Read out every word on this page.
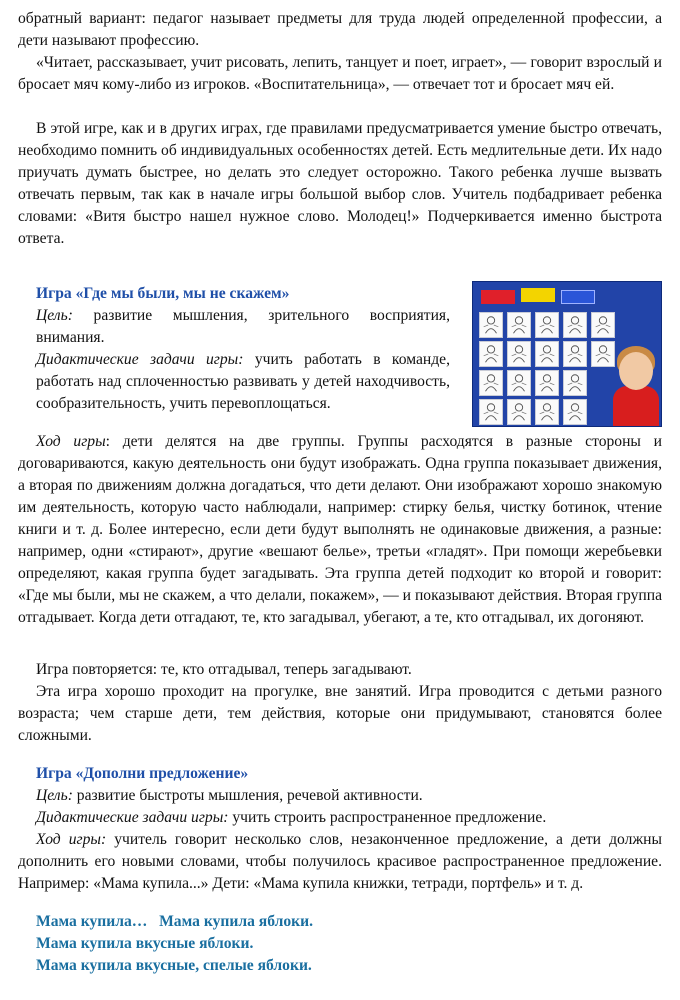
обратный вариант: педагог называет предметы для труда людей определенной профессии, а дети называют профессию.

«Читает, рассказывает, учит рисовать, лепить, танцует и поет, играет», — говорит взрослый и бросает мяч кому-либо из игроков. «Воспитательница», — отвечает тот и бросает мяч ей.

В этой игре, как и в других играх, где правилами предусматривается умение быстро отвечать, необходимо помнить об индивидуальных особенностях детей. Есть медлительные дети. Их надо приучать думать быстрее, но делать это следует осторожно. Такого ребенка лучше вызвать отвечать первым, так как в начале игры большой выбор слов. Учитель подбадривает ребенка словами: «Витя быстро нашел нужное слово. Молодец!» Подчеркивается именно быстрота ответа.

Игра «Где мы были, мы не скажем»

Цель: развитие мышления, зрительного восприятия, внимания.

Дидактические задачи игры: учить работать в команде, работать над сплоченностью развивать у детей находчивость, сообразительность, учить перевоплощаться.

Ход игры: дети делятся на две группы. Группы расходятся в разные стороны и договариваются, какую деятельность они будут изображать. Одна группа показывает движения, а вторая по движениям должна догадаться, что дети делают. Они изображают хорошо знакомую им деятельность, которую часто наблюдали, например: стирку белья, чистку ботинок, чтение книги и т. д. Более интересно, если дети будут выполнять не одинаковые движения, а разные: например, одни «стирают», другие «вешают белье», третьи «гладят». При помощи жеребьевки определяют, какая группа будет загадывать. Эта группа детей подходит ко второй и говорит: «Где мы были, мы не скажем, а что делали, покажем», — и показывают действия. Вторая группа отгадывает. Когда дети отгадают, те, кто загадывал, убегают, а те, кто отгадывал, их догоняют.

Игра повторяется: те, кто отгадывал, теперь загадывают.

Эта игра хорошо проходит на прогулке, вне занятий. Игра проводится с детьми разного возраста; чем старше дети, тем действия, которые они придумывают, становятся более сложными.

Игра «Дополни предложение»

Цель: развитие быстроты мышления, речевой активности.

Дидактические задачи игры: учить строить распространенное предложение.

Ход игры: учитель говорит несколько слов, незаконченное предложение, а дети должны дополнить его новыми словами, чтобы получилось красивое распространенное предложение. Например: «Мама купила...» Дети: «Мама купила книжки, тетради, портфель» и т. д.

Мама купила…   Мама купила яблоки.
Мама купила вкусные яблоки.
Мама купила вкусные, спелые яблоки.
